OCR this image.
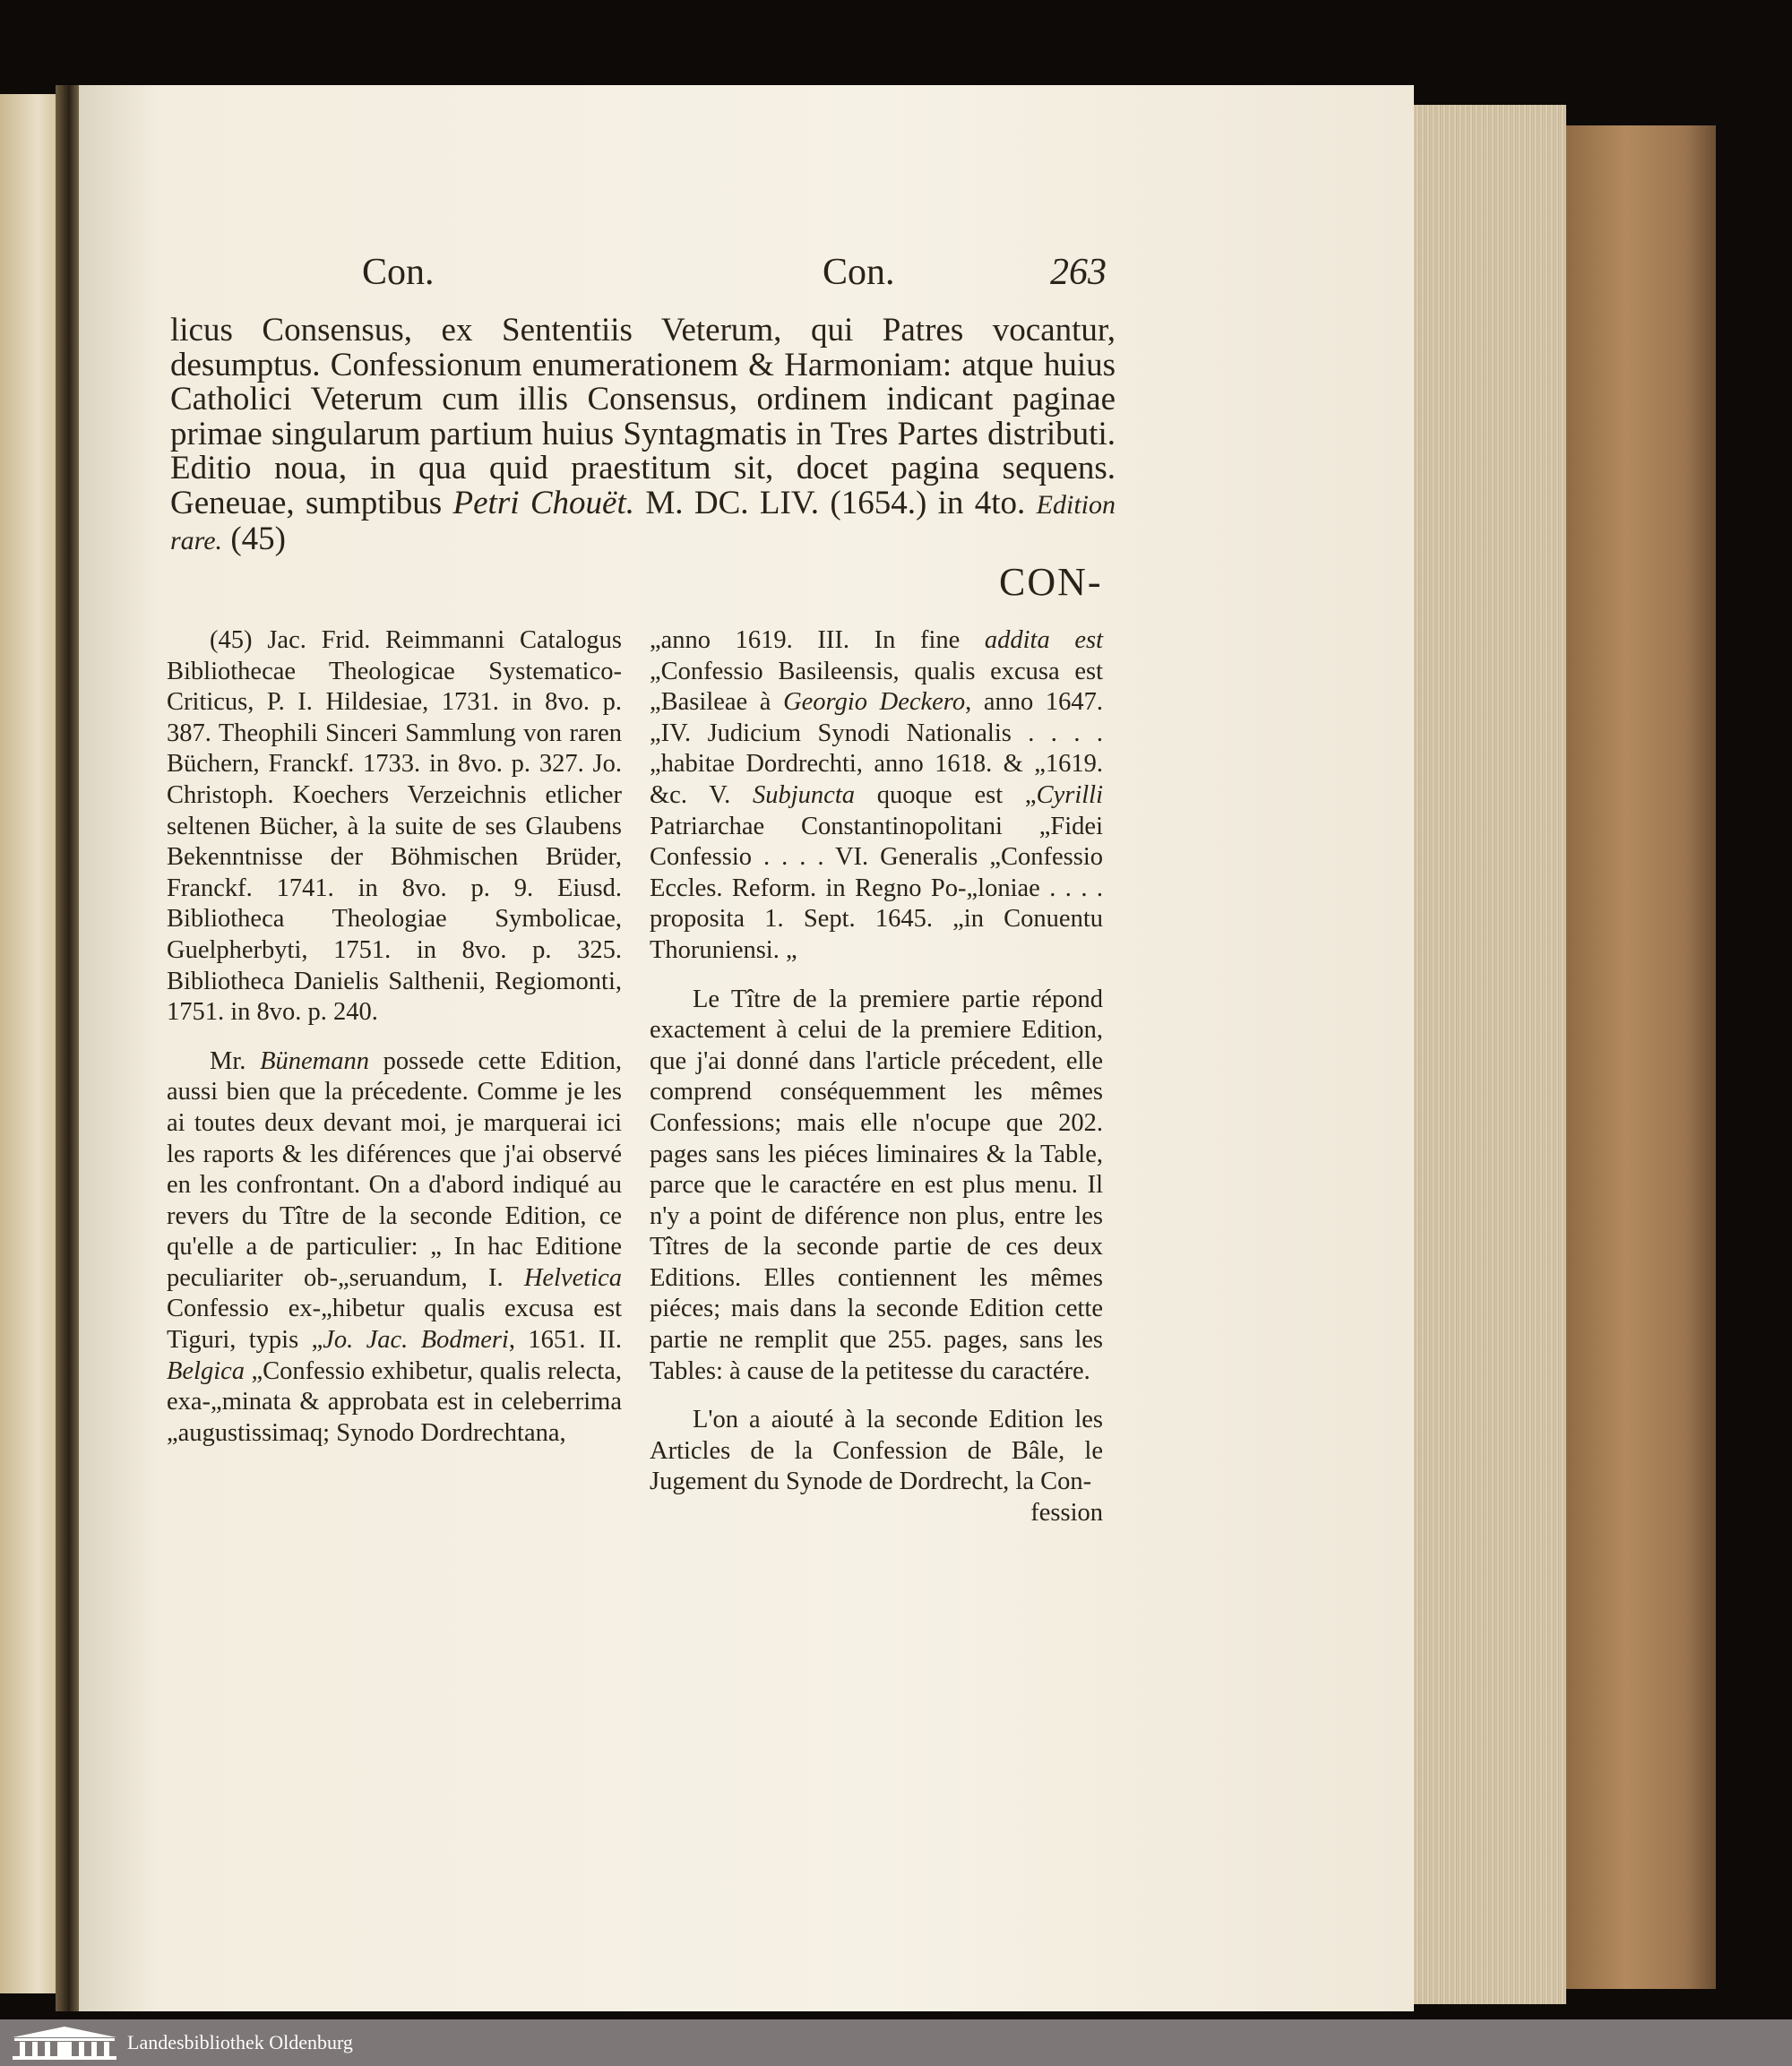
Con.	Con.	263

licus Consensus, ex Sententiis Veterum, qui Patres vocantur, desumptus. Confessionum enumerationem & Harmoniam: atque huius Catholici Veterum cum illis Consensus, ordinem indicant paginae primae singularum partium huius Syntagmatis in Tres Partes distributi. Editio noua, in qua quid praestitum sit, docet pagina sequens. Geneuae, sumptibus Petri Chouët. M. DC. LIV. (1654.) in 4to. Edition rare. (45)

CON-

(45) Jac. Frid. Reimmanni Catalogus Bibliothecae Theologicae Systematico-Criticus, P. I. Hildesiae, 1731. in 8vo. p. 387. Theophili Sinceri Sammlung von raren Büchern, Franckf. 1733. in 8vo. p. 327. Jo. Christoph. Koechers Verzeichnis etlicher seltenen Bücher, à la suite de ses Glaubens Bekenntnisse der Böhmischen Brüder, Franckf. 1741. in 8vo. p. 9. Eiusd. Bibliotheca Theologiae Symbolicae, Guelpherbyti, 1751. in 8vo. p. 325. Bibliotheca Danielis Salthenii, Regiomonti, 1751. in 8vo. p. 240.

Mr. Bünemann possede cette Edition, aussi bien que la précedente. Comme je les ai toutes deux devant moi, je marquerai ici les raports & les diférences que j'ai observé en les confrontant. On a d'abord indiqué au revers du Tître de la seconde Edition, ce qu'elle a de particulier: „ In hac Editione peculiariter ob-„seruandum, I. Helvetica Confessio ex-„hibetur qualis excusa est Tiguri, typis „Jo. Jac. Bodmeri, 1651. II. Belgica „Confessio exhibetur, qualis relecta, exa-„minata & approbata est in celeberrima „augustissimaq; Synodo Dordrechtana,

„anno 1619. III. In fine addita est „Confessio Basileensis, qualis excusa est „Basileae à Georgio Deckero, anno 1647. „IV. Judicium Synodi Nationalis . . . . „habitae Dordrechti, anno 1618. & „1619. &c. V. Subjuncta quoque est „Cyrilli Patriarchae Constantinopolitani „Fidei Confessio . . . . VI. Generalis „Confessio Eccles. Reform. in Regno Po-„loniae . . . . proposita 1. Sept. 1645. „in Conuentu Thoruniensi. „

Le Tître de la premiere partie répond exactement à celui de la premiere Edition, que j'ai donné dans l'article précedent, elle comprend conséquemment les mêmes Confessions; mais elle n'ocupe que 202. pages sans les piéces liminaires & la Table, parce que le caractére en est plus menu. Il n'y a point de diférence non plus, entre les Tîtres de la seconde partie de ces deux Editions. Elles contiennent les mêmes piéces; mais dans la seconde Edition cette partie ne remplit que 255. pages, sans les Tables: à cause de la petitesse du caractére.

L'on a aiouté à la seconde Edition les Articles de la Confession de Bâle, le Jugement du Synode de Dordrecht, la Con-

fession
Landesbibliothek Oldenburg
